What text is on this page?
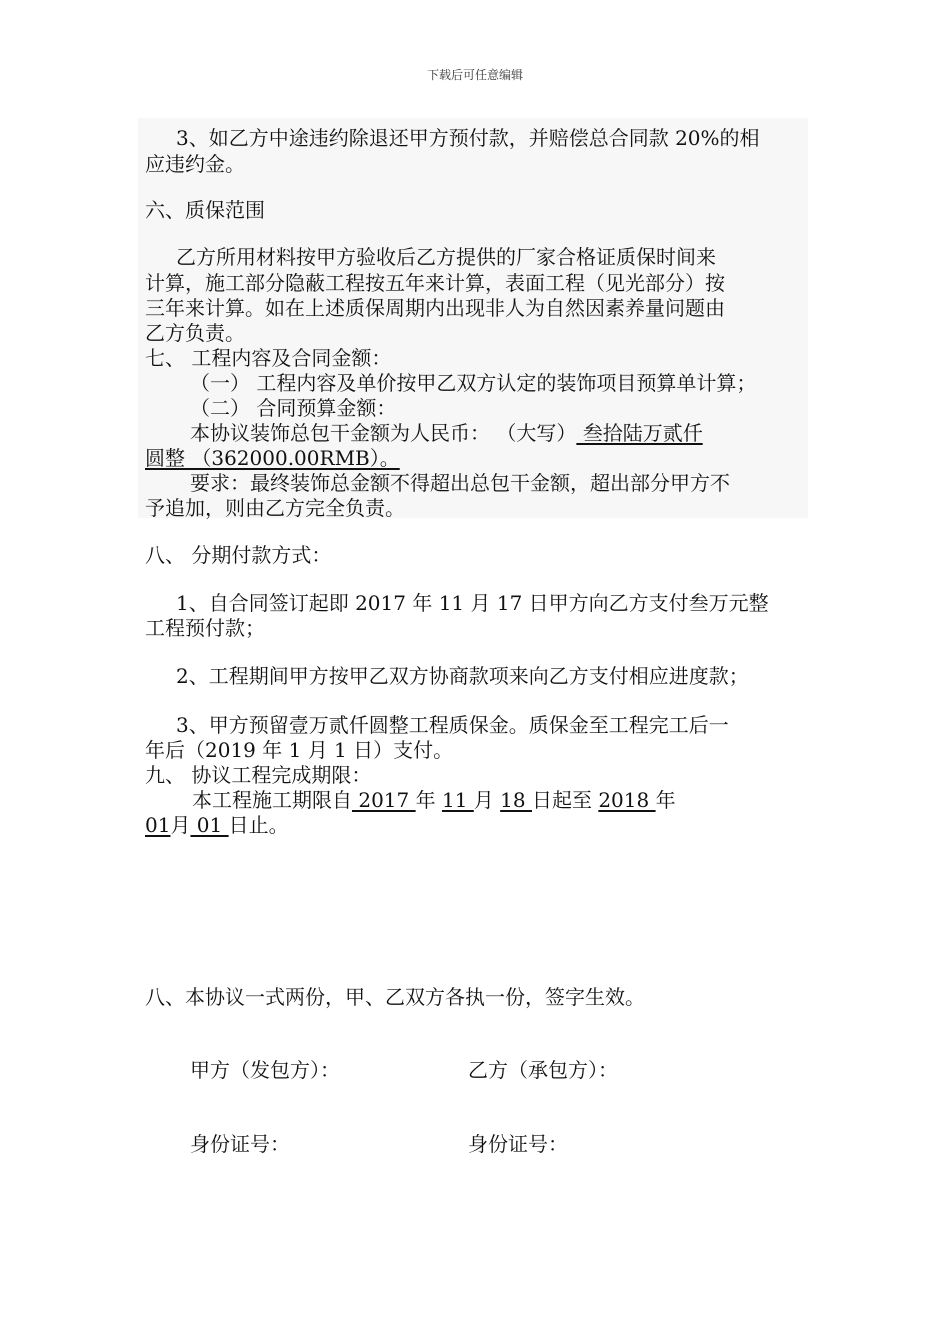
下载后可任意编辑
3、如乙方中途违约除退还甲方预付款，并赔偿总合同款 20%的相
应违约金。
六、质保范围
乙方所用材料按甲方验收后乙方提供的厂家合格证质保时间来
计算，施工部分隐蔽工程按五年来计算，表面工程（见光部分）按
三年来计算。如在上述质保周期内出现非人为自然因素养量问题由
乙方负责。
七、 工程内容及合同金额：
（一） 工程内容及单价按甲乙双方认定的装饰项目预算单计算；
（二） 合同预算金额：
本协议装饰总包干金额为人民币： （大写） 叁拾陆万贰仟
圆整 （362000.00RMB）。
要求：最终装饰总金额不得超出总包干金额，超出部分甲方不
予追加，则由乙方完全负责。
八、 分期付款方式：
1、自合同签订起即 2017 年 11 月 17 日甲方向乙方支付叁万元整
工程预付款；
2、工程期间甲方按甲乙双方协商款项来向乙方支付相应进度款；
3、甲方预留壹万贰仟圆整工程质保金。质保金至工程完工后一
年后（2019 年 1 月 1 日）支付。
九、 协议工程完成期限：
本工程施工期限自 2017 年 11 月 18 日起至 2018 年
01月 01 日止。
八、本协议一式两份，甲、乙双方各执一份，签字生效。
甲方（发包方）：	乙方（承包方）：
身份证号：	身份证号：
